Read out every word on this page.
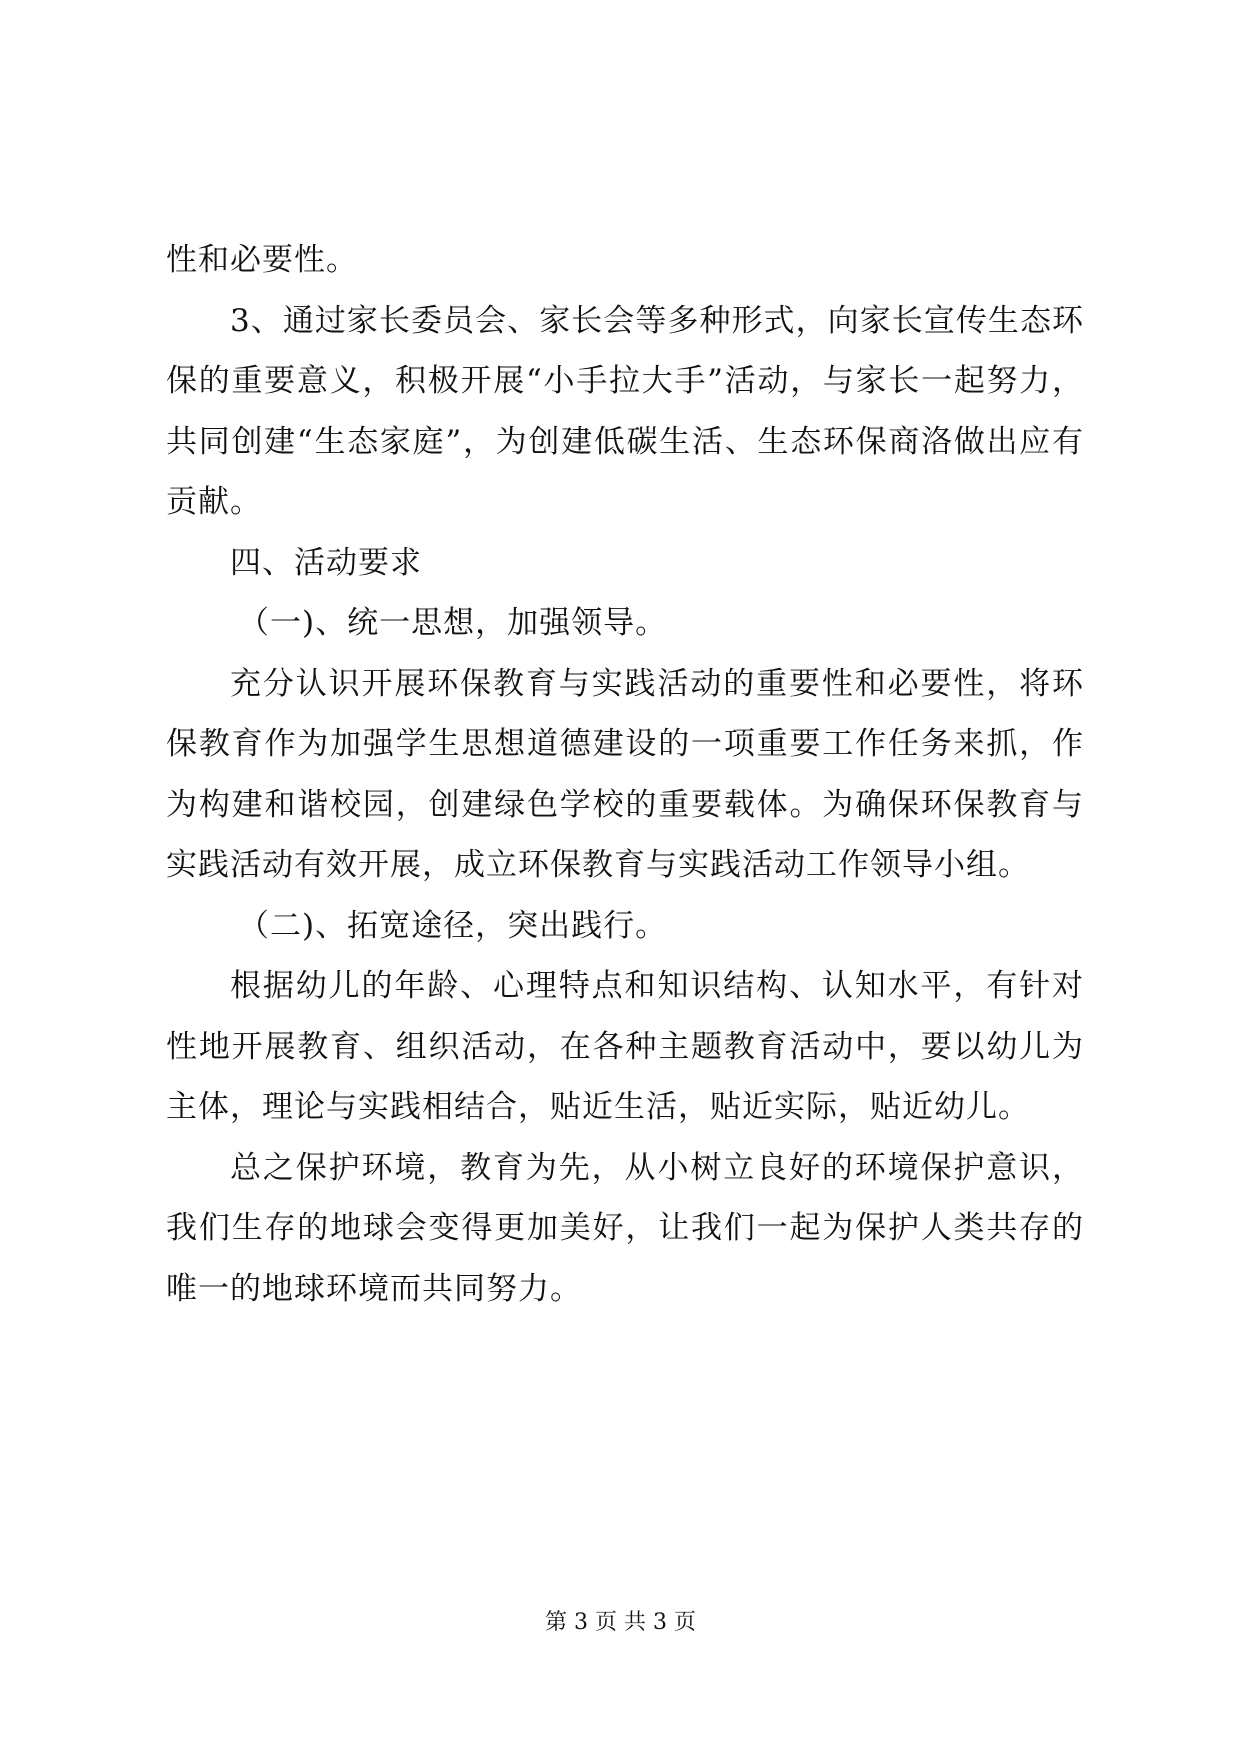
性和必要性。

3、通过家长委员会、家长会等多种形式，向家长宣传生态环保的重要意义，积极开展“小手拉大手”活动，与家长一起努力，共同创建“生态家庭”，为创建低碳生活、生态环保商洛做出应有贡献。

四、活动要求

（一)、统一思想，加强领导。

充分认识开展环保教育与实践活动的重要性和必要性，将环保教育作为加强学生思想道德建设的一项重要工作任务来抓，作为构建和谐校园，创建绿色学校的重要载体。为确保环保教育与实践活动有效开展，成立环保教育与实践活动工作领导小组。

（二)、拓宽途径，突出践行。

根据幼儿的年龄、心理特点和知识结构、认知水平，有针对性地开展教育、组织活动，在各种主题教育活动中，要以幼儿为主体，理论与实践相结合，贴近生活，贴近实际，贴近幼儿。

总之保护环境，教育为先，从小树立良好的环境保护意识，我们生存的地球会变得更加美好，让我们一起为保护人类共存的唯一的地球环境而共同努力。

第 3 页 共 3 页
